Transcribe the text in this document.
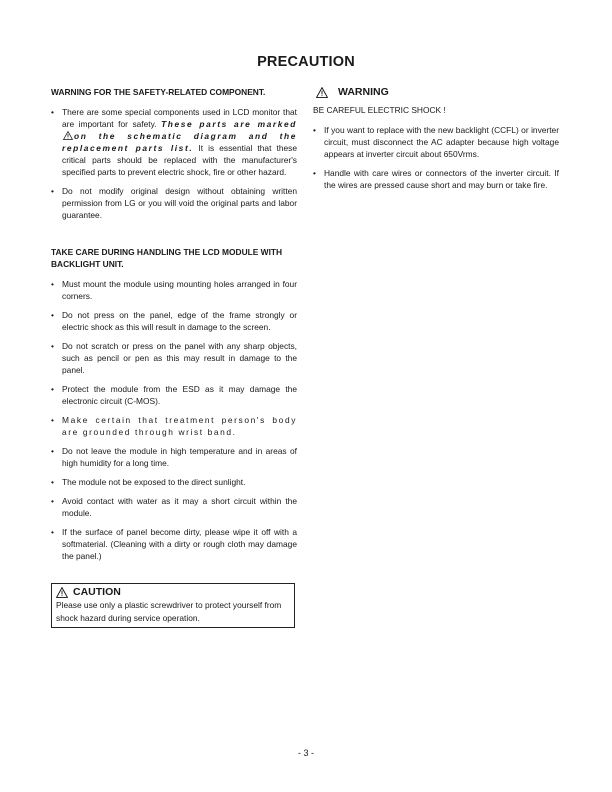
PRECAUTION
WARNING FOR THE SAFETY-RELATED COMPONENT.
• There are some special components used in LCD monitor that are important for safety. These parts are marked
on the schematic diagram and the replacement parts list. It is essential that these critical parts should be replaced with the manufacturer's specified parts to prevent electric shock, fire or other hazard.
• Do not modify original design without obtaining written permission from LG or you will void the original parts and labor guarantee.
TAKE CARE DURING HANDLING THE LCD MODULE WITH BACKLIGHT UNIT.
• Must mount the module using mounting holes arranged in four corners.
• Do not press on the panel, edge of the frame strongly or electric shock as this will result in damage to the screen.
• Do not scratch or press on the panel with any sharp objects, such as pencil or pen as this may result in damage to the panel.
• Protect the module from the ESD as it may damage the electronic circuit (C-MOS).
• Make certain that treatment person's body are grounded through wrist band.
• Do not leave the module in high temperature and in areas of high humidity for a long time.
• The module not be exposed to the direct sunlight.
• Avoid contact with water as it may a short circuit within the module.
• If the surface of panel become dirty, please wipe it off with a softmaterial. (Cleaning with a dirty or rough cloth may damage the panel.)
WARNING
BE CAREFUL ELECTRIC SHOCK !
• If you want to replace with the new backlight (CCFL) or inverter circuit, must disconnect the AC adapter because high voltage appears at inverter circuit about 650Vrms.
• Handle with care wires or connectors of the inverter circuit. If the wires are pressed cause short and may burn or take fire.
CAUTION
Please use only a plastic screwdriver to protect yourself from shock hazard during service operation.
- 3 -
